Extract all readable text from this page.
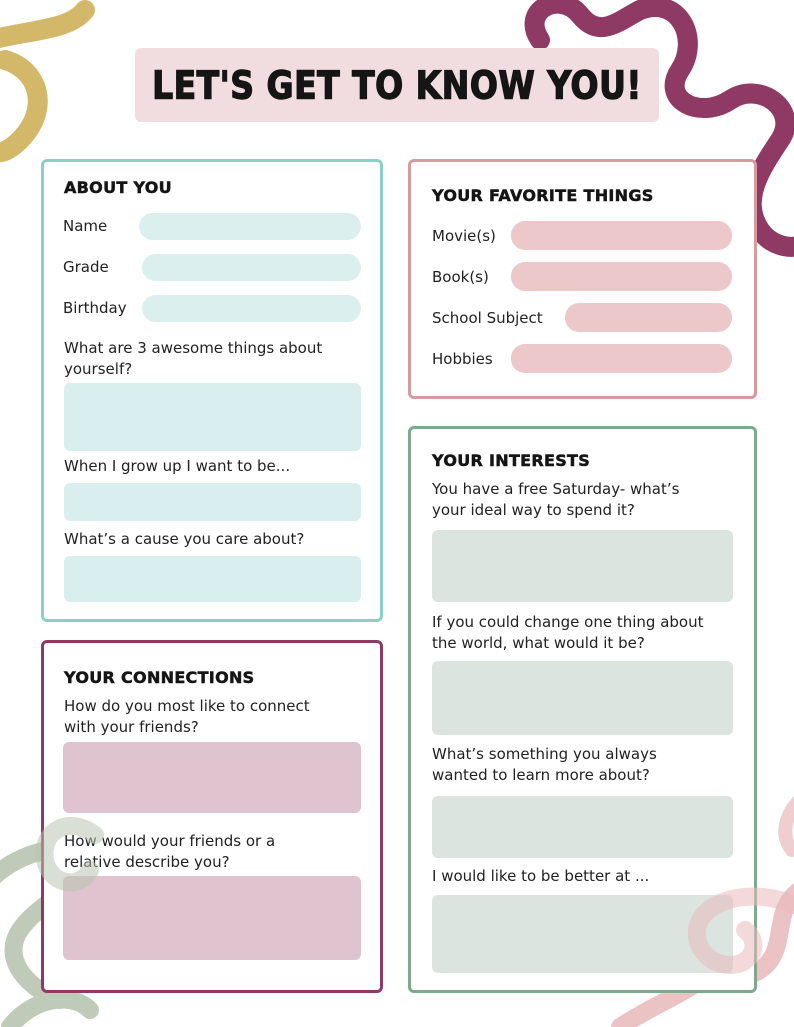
LET'S GET TO KNOW YOU!
ABOUT YOU
Name
Grade
Birthday
What are 3 awesome things about
yourself?
When I grow up I want to be...
What’s a cause you care about?
YOUR FAVORITE THINGS
Movie(s)
Book(s)
School Subject
Hobbies
YOUR INTERESTS
You have a free Saturday- what’s
your ideal way to spend it?
If you could change one thing about
the world, what would it be?
What’s something you always
wanted to learn more about?
I would like to be better at ...
YOUR CONNECTIONS
How do you most like to connect
with your friends?
How would your friends or a
relative describe you?
